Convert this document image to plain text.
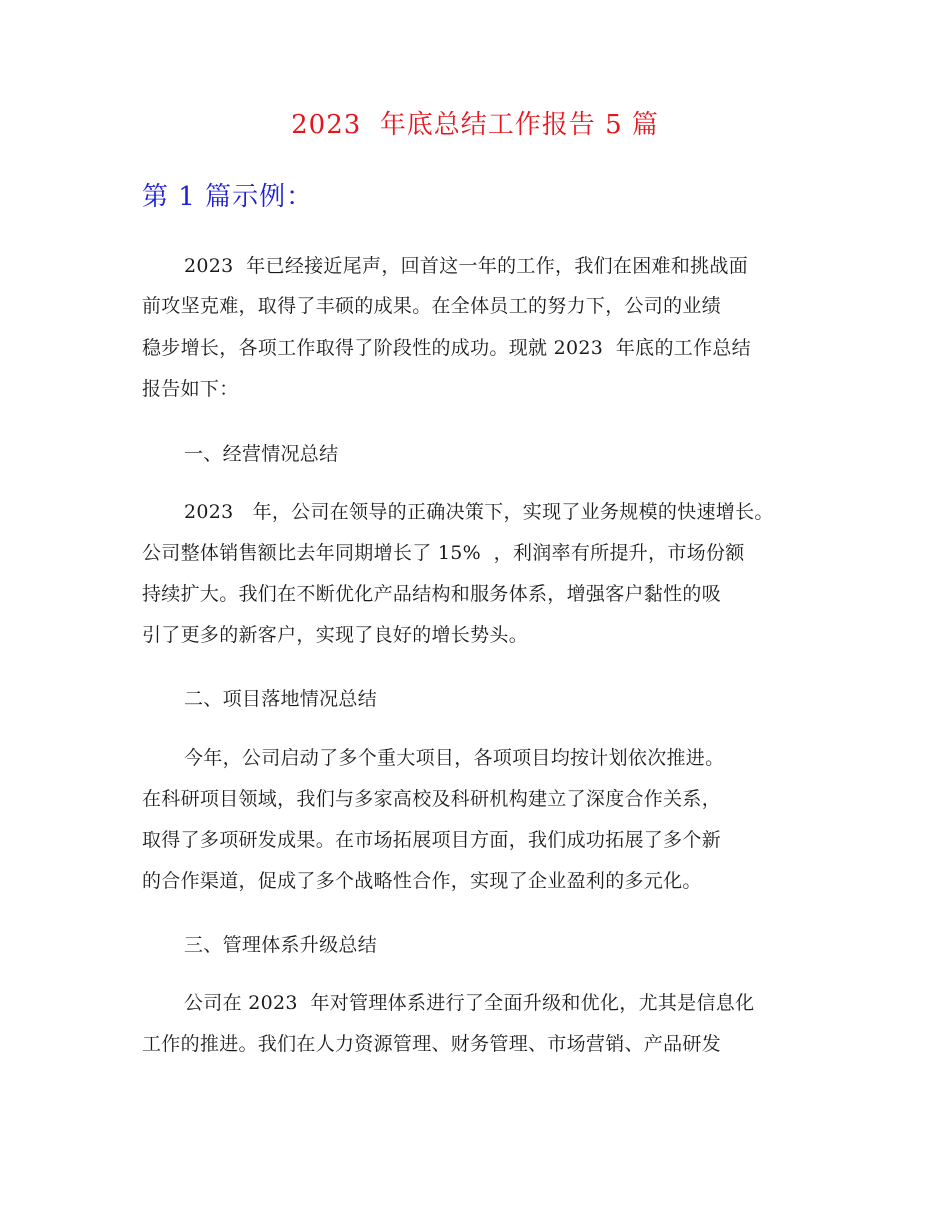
2023  年底总结工作报告 5 篇
第 1 篇示例：
2023  年已经接近尾声，回首这一年的工作，我们在困难和挑战面
前攻坚克难，取得了丰硕的成果。在全体员工的努力下，公司的业绩
稳步增长，各项工作取得了阶段性的成功。现就 2023  年底的工作总结
报告如下：
一、经营情况总结
2023   年，公司在领导的正确决策下，实现了业务规模的快速增长。
公司整体销售额比去年同期增长了 15%  ，利润率有所提升，市场份额
持续扩大。我们在不断优化产品结构和服务体系，增强客户黏性的吸
引了更多的新客户，实现了良好的增长势头。
二、项目落地情况总结
今年，公司启动了多个重大项目，各项项目均按计划依次推进。
在科研项目领域，我们与多家高校及科研机构建立了深度合作关系，
取得了多项研发成果。在市场拓展项目方面，我们成功拓展了多个新
的合作渠道，促成了多个战略性合作，实现了企业盈利的多元化。
三、管理体系升级总结
公司在 2023  年对管理体系进行了全面升级和优化，尤其是信息化
工作的推进。我们在人力资源管理、财务管理、市场营销、产品研发
